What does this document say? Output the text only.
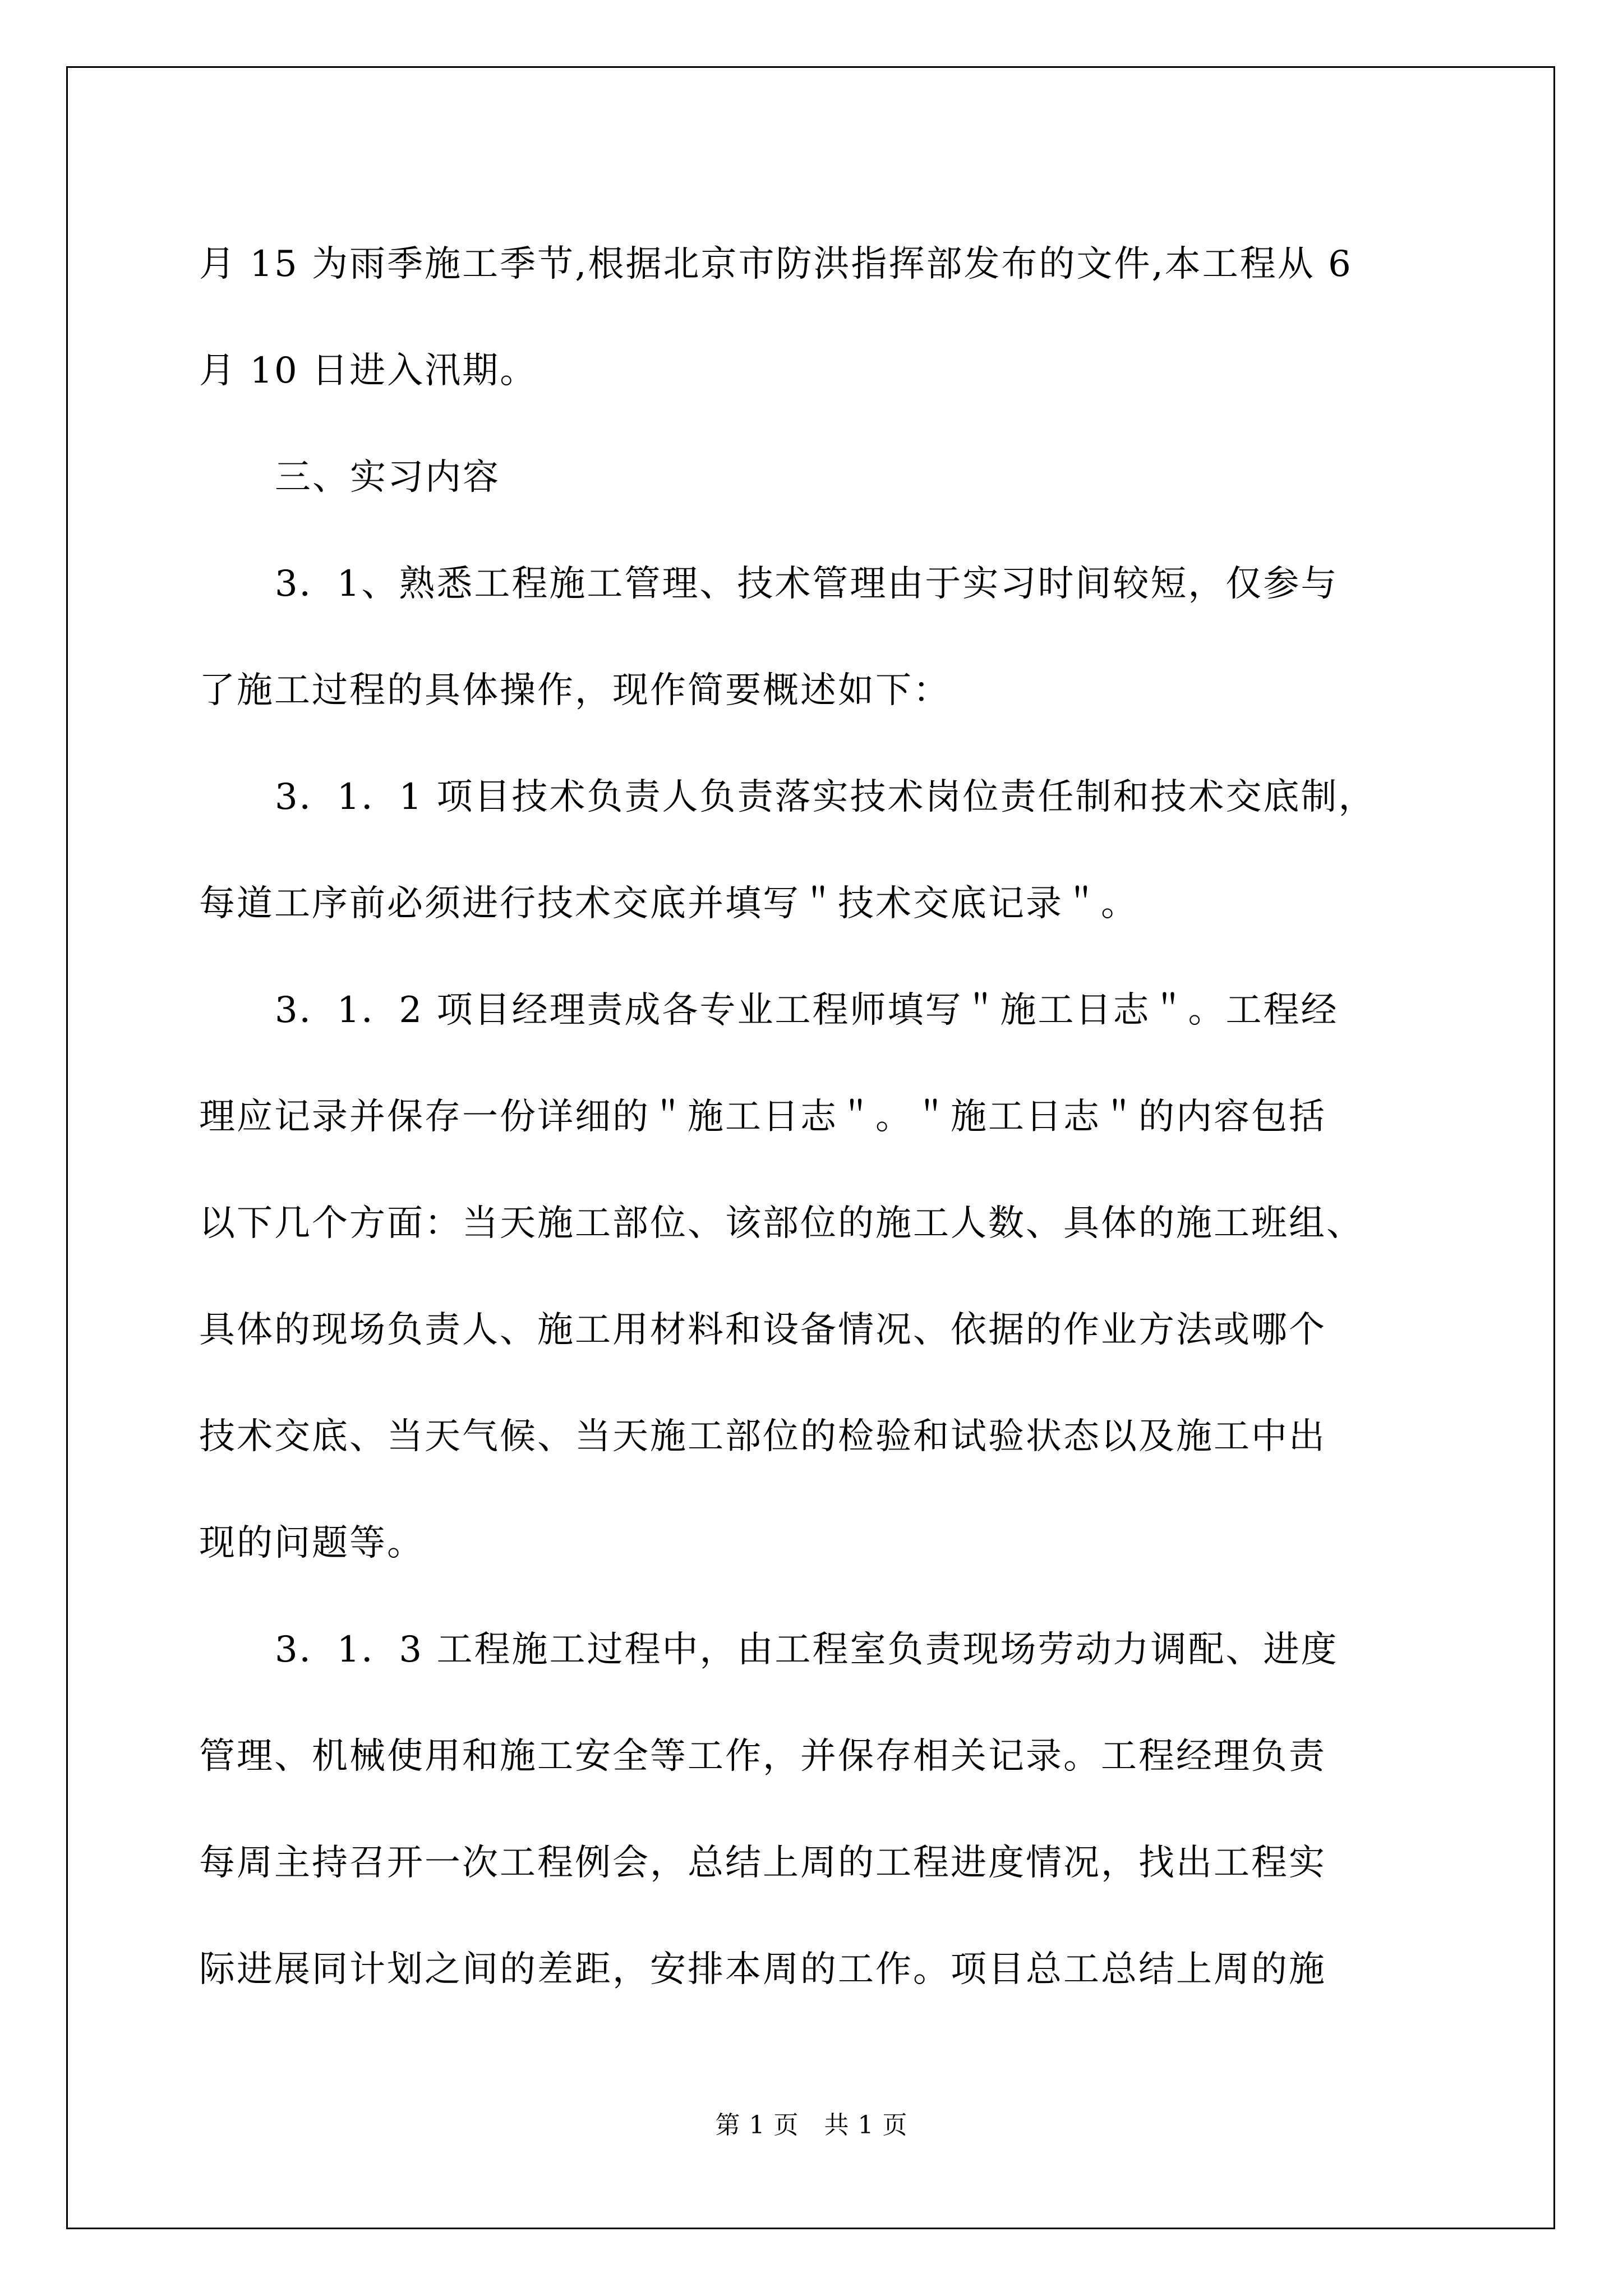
月 15 为雨季施工季节,根据北京市防洪指挥部发布的文件,本工程从 6
月 10 日进入汛期。
三、实习内容
3．1、熟悉工程施工管理、技术管理由于实习时间较短，仅参与
了施工过程的具体操作，现作简要概述如下：
3．1．1 项目技术负责人负责落实技术岗位责任制和技术交底制，
每道工序前必须进行技术交底并填写＂技术交底记录＂。
3．1．2 项目经理责成各专业工程师填写＂施工日志＂。工程经
理应记录并保存一份详细的＂施工日志＂。＂施工日志＂的内容包括
以下几个方面：当天施工部位、该部位的施工人数、具体的施工班组、
具体的现场负责人、施工用材料和设备情况、依据的作业方法或哪个
技术交底、当天气候、当天施工部位的检验和试验状态以及施工中出
现的问题等。
3．1．3 工程施工过程中，由工程室负责现场劳动力调配、进度
管理、机械使用和施工安全等工作，并保存相关记录。工程经理负责
每周主持召开一次工程例会，总结上周的工程进度情况，找出工程实
际进展同计划之间的差距，安排本周的工作。项目总工总结上周的施
第 1 页　共 1 页
